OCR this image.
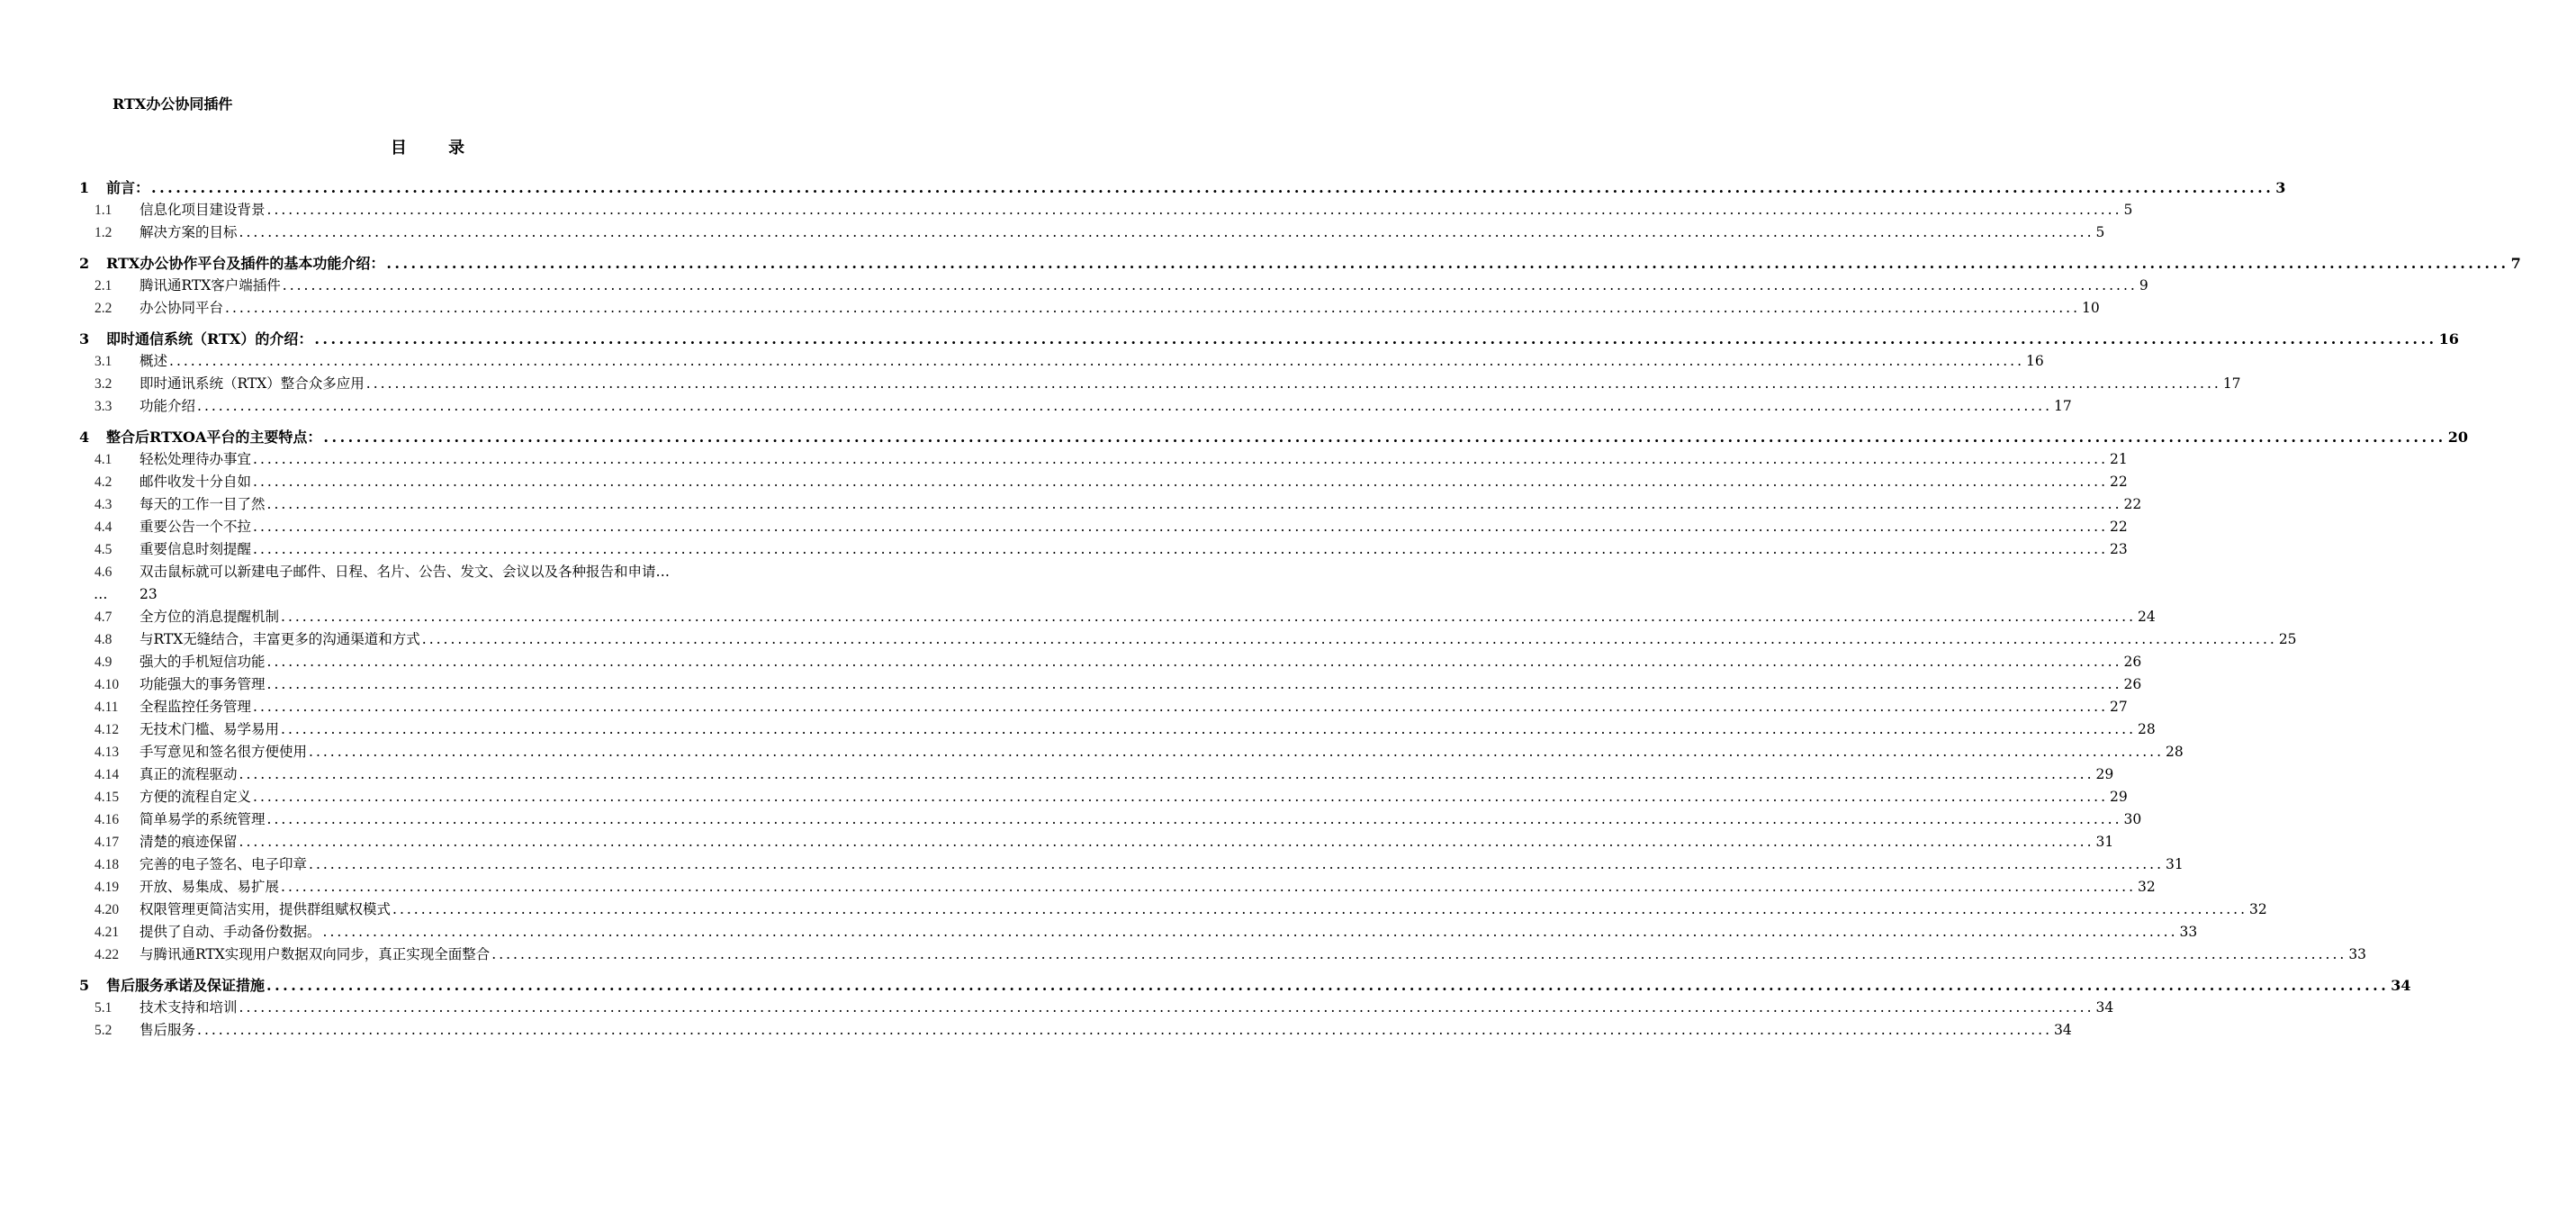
RTX办公协同插件
目 录
1	前言： .................................................................................................................................................................................................................................................................... 3
1.1	信息化项目建设背景 .................................................................................................................................................................................................................................................................... 5
1.2	解决方案的目标 .................................................................................................................................................................................................................................................................... 5
2	RTX办公协作平台及插件的基本功能介绍： .................................................................................................................................................................................................................................................................... 7
2.1	腾讯通RTX客户端插件 .................................................................................................................................................................................................................................................................... 9
2.2	办公协同平台 .................................................................................................................................................................................................................................................................... 10
3	即时通信系统（RTX）的介绍： .................................................................................................................................................................................................................................................................... 16
3.1	概述 .................................................................................................................................................................................................................................................................... 16
3.2	即时通讯系统（RTX）整合众多应用 .................................................................................................................................................................................................................................................................... 17
3.3	功能介绍 .................................................................................................................................................................................................................................................................... 17
4	整合后RTXOA平台的主要特点： .................................................................................................................................................................................................................................................................... 20
4.1	轻松处理待办事宜 .................................................................................................................................................................................................................................................................... 21
4.2	邮件收发十分自如 .................................................................................................................................................................................................................................................................... 22
4.3	每天的工作一目了然 .................................................................................................................................................................................................................................................................... 22
4.4	重要公告一个不拉 .................................................................................................................................................................................................................................................................... 22
4.5	重要信息时刻提醒 .................................................................................................................................................................................................................................................................... 23
4.6	双击鼠标就可以新建电子邮件、日程、名片、公告、发文、会议以及各种报告和申请…
…	23
4.7	全方位的消息提醒机制 .................................................................................................................................................................................................................................................................... 24
4.8	与RTX无缝结合，丰富更多的沟通渠道和方式 .................................................................................................................................................................................................................................................................... 25
4.9	强大的手机短信功能 .................................................................................................................................................................................................................................................................... 26
4.10	功能强大的事务管理 .................................................................................................................................................................................................................................................................... 26
4.11	全程监控任务管理 .................................................................................................................................................................................................................................................................... 27
4.12	无技术门槛、易学易用 .................................................................................................................................................................................................................................................................... 28
4.13	手写意见和签名很方便使用 .................................................................................................................................................................................................................................................................... 28
4.14	真正的流程驱动 .................................................................................................................................................................................................................................................................... 29
4.15	方便的流程自定义 .................................................................................................................................................................................................................................................................... 29
4.16	简单易学的系统管理 .................................................................................................................................................................................................................................................................... 30
4.17	清楚的痕迹保留 .................................................................................................................................................................................................................................................................... 31
4.18	完善的电子签名、电子印章 .................................................................................................................................................................................................................................................................... 31
4.19	开放、易集成、易扩展 .................................................................................................................................................................................................................................................................... 32
4.20	权限管理更简洁实用，提供群组赋权模式 .................................................................................................................................................................................................................................................................... 32
4.21	提供了自动、手动备份数据。 .................................................................................................................................................................................................................................................................... 33
4.22	与腾讯通RTX实现用户数据双向同步，真正实现全面整合 .................................................................................................................................................................................................................................................................... 33
5	售后服务承诺及保证措施 .................................................................................................................................................................................................................................................................... 34
5.1	技术支持和培训 .................................................................................................................................................................................................................................................................... 34
5.2	售后服务 .................................................................................................................................................................................................................................................................... 34
